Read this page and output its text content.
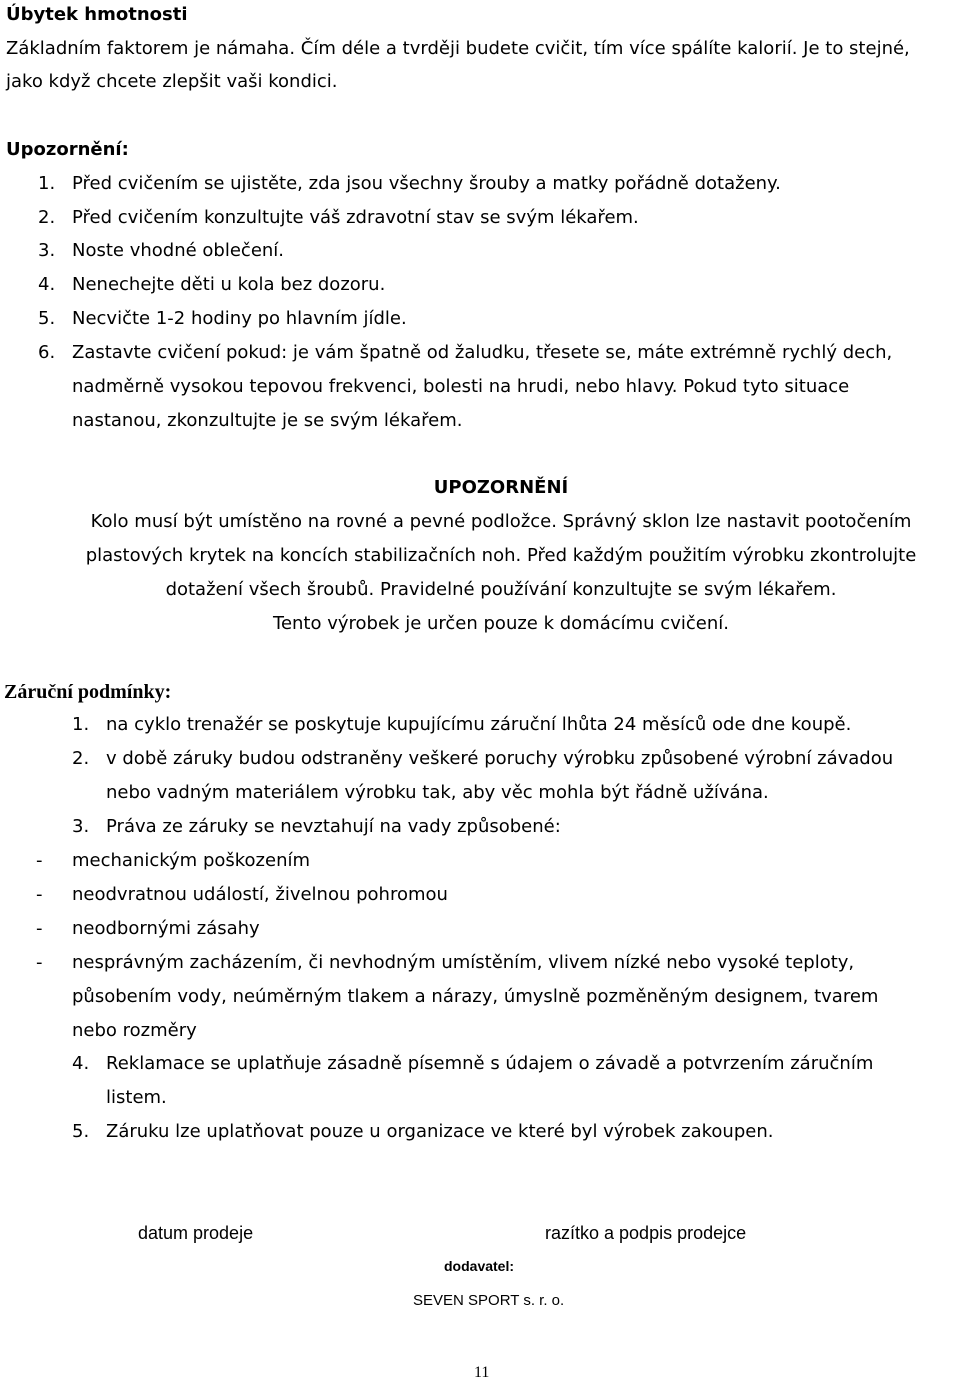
Úbytek hmotnosti
Základním faktorem je námaha. Čím déle a tvrději budete cvičit, tím více spálíte kalorií. Je to stejné,
jako když chcete zlepšit vaši kondici.
Upozornění:
1. Před cvičením se ujistěte, zda jsou všechny šrouby a matky pořádně dotaženy.
2. Před cvičením konzultujte váš zdravotní stav se svým lékařem.
3. Noste vhodné oblečení.
4. Nenechejte děti u kola bez dozoru.
5. Necvičte 1-2 hodiny po hlavním jídle.
6. Zastavte cvičení pokud: je vám špatně od žaludku, třesete se, máte extrémně rychlý dech,
nadměrně vysokou tepovou frekvenci, bolesti na hrudi, nebo hlavy. Pokud tyto situace
nastanou, zkonzultujte je se svým lékařem.
UPOZORNĚNÍ
Kolo musí být umístěno na rovné a pevné podložce. Správný sklon lze nastavit pootočením
plastových krytek na koncích stabilizačních noh. Před každým použitím výrobku zkontrolujte
dotažení všech šroubů. Pravidelné používání konzultujte se svým lékařem.
Tento výrobek je určen pouze k domácímu cvičení.
Záruční podmínky:
1. na cyklo trenažér se poskytuje kupujícímu záruční lhůta 24 měsíců ode dne koupě.
2. v době záruky budou odstraněny veškeré poruchy výrobku způsobené výrobní závadou
nebo vadným materiálem výrobku tak, aby věc mohla být řádně užívána.
3. Práva ze záruky se nevztahují na vady způsobené:
- mechanickým poškozením
- neodvratnou událostí, živelnou pohromou
- neodbornými zásahy
- nesprávným zacházením, či nevhodným umístěním, vlivem nízké nebo vysoké teploty,
působením vody, neúměrným tlakem a nárazy, úmyslně pozměněným designem, tvarem
nebo rozměry
4. Reklamace se uplatňuje zásadně písemně s údajem o závadě a potvrzením záručním
listem.
5. Záruku lze uplatňovat pouze u organizace ve které byl výrobek zakoupen.
datum prodeje	razítko a podpis prodejce
dodavatel:
SEVEN SPORT s. r. o.
11
